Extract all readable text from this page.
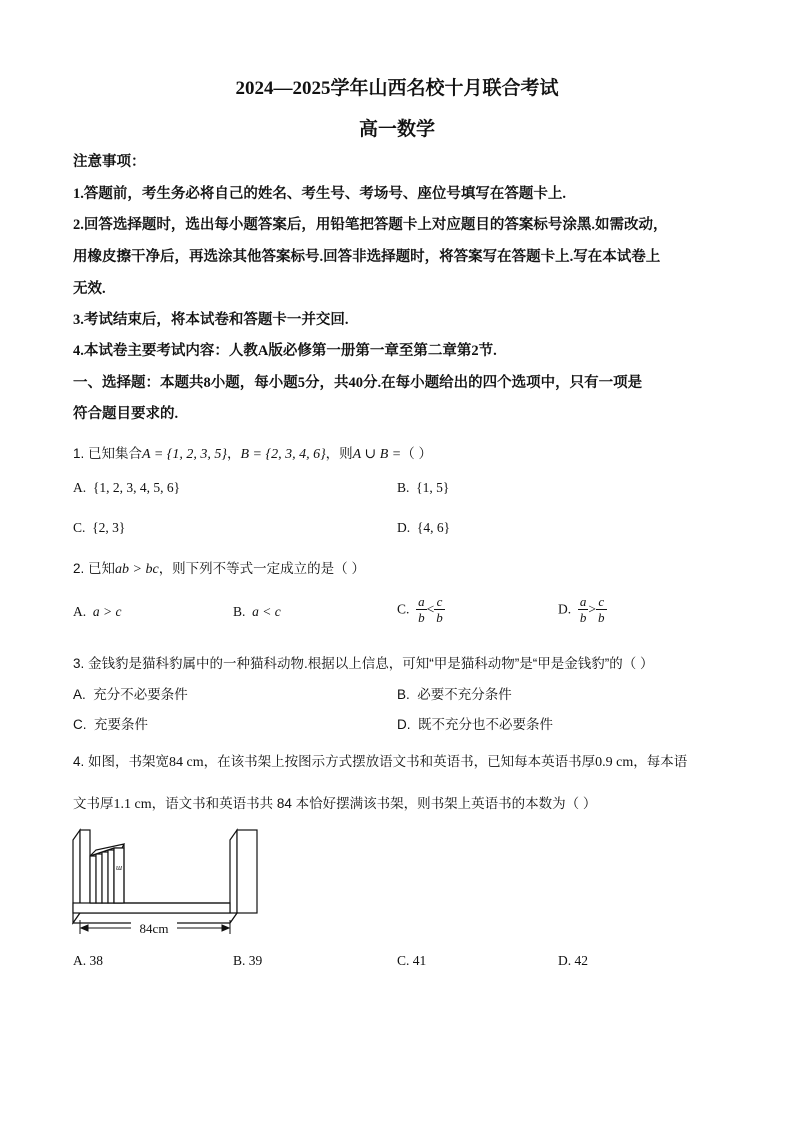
2024—2025学年山西名校十月联合考试
高一数学
注意事项：
1.答题前，考生务必将自己的姓名、考生号、考场号、座位号填写在答题卡上.
2.回答选择题时，选出每小题答案后，用铅笔把答题卡上对应题目的答案标号涂黑.如需改动，
用橡皮擦干净后，再选涂其他答案标号.回答非选择题时，将答案写在答题卡上.写在本试卷上
无效.
3.考试结束后，将本试卷和答题卡一并交回.
4.本试卷主要考试内容：人教A版必修第一册第一章至第二章第2节.
一、选择题：本题共8小题，每小题5分，共40分.在每小题给出的四个选项中，只有一项是
符合题目要求的.
1. 已知集合A = {1, 2, 3, 5}，B = {2, 3, 4, 6}，则A ∪ B =（ ）
A. {1, 2, 3, 4, 5, 6}	B. {1, 5}
C. {2, 3}	D. {4, 6}
2. 已知ab > bc，则下列不等式一定成立的是（ ）
A. a > c	B. a < c	C. $\frac{a}{b} < \frac{c}{b}$	D. $\frac{a}{b} > \frac{c}{b}$
3. 金钱豹是猫科豹属中的一种猫科动物.根据以上信息，可知“甲是猫科动物”是“甲是金钱豹”的（ ）
A. 充分不必要条件	B. 必要不充分条件
C. 充要条件	D. 既不充分也不必要条件
4. 如图，书架宽84 cm，在该书架上按图示方式摆放语文书和英语书，已知每本英语书厚0.9 cm，每本语
文书厚1.1 cm，语文书和英语书共 84 本恰好摆满该书架，则书架上英语书的本数为（ ）
ш
84cm
A. 38	B. 39	C. 41	D. 42
